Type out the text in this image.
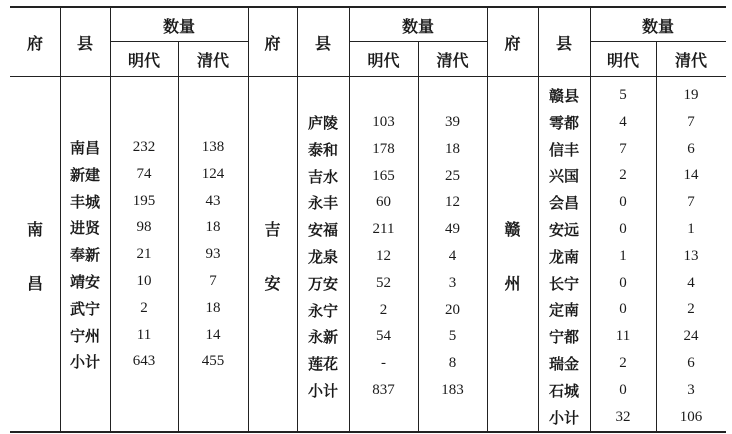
府	县
数量
明代	清代
南
昌
南昌	232	138
新建	74	124
丰城	195	43
进贤	98	18
奉新	21	93
靖安	10	7
武宁	2	18
宁州	11	14
小计	643	455
府	县
数量
明代	清代
吉
安
庐陵	103	39
泰和	178	18
吉水	165	25
永丰	60	12
安福	211	49
龙泉	12	4
万安	52	3
永宁	2	20
永新	54	5
莲花	-	8
小计	837	183
府	县
数量
明代	清代
赣
州
赣县	5	19
雩都	4	7
信丰	7	6
兴国	2	14
会昌	0	7
安远	0	1
龙南	1	13
长宁	0	4
定南	0	2
宁都	11	24
瑞金	2	6
石城	0	3
小计	32	106
